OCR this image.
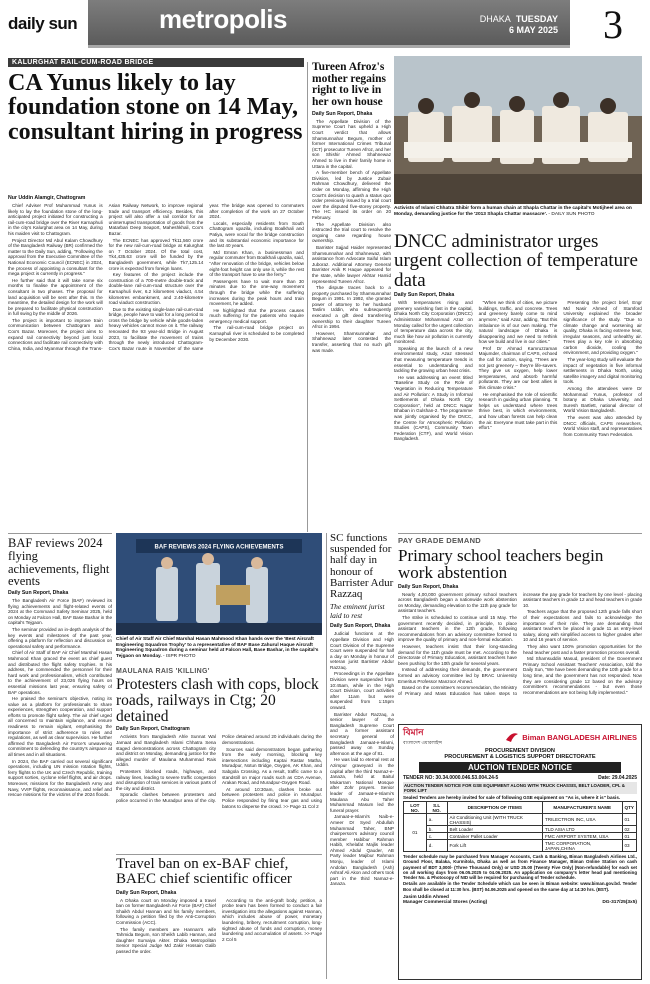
daily sun	metropolis	DHAKA TUESDAY
6 MAY 2025	3
KALURGHAT RAIL-CUM-ROAD BRIDGE
CA Yunus likely to lay foundation stone on 14 May, consultant hiring in progress
Nur Uddin Alamgir, Chattogram

Chief Adviser Prof Muhammad Yunus is likely to lay the foundation stone of the long-anticipated project initiated for constructing a rail-cum-road bridge over the River Karnaphuli in the city's Kalurghat area on 14 May, during his maiden visit to Chattogram.

Project Director Md Abul Kalam Chowdhury of the Bangladesh Railway (BR) confirmed the matter to the Daily Sun, adding, "Following the approval from the Executive Committee of the National Economic Council (ECNEC) in 2024, the process of appointing a consultant for the mega project is currently in progress."

He further said that it will take some six months to finalise the appointment of the consultant in two phases. The proposal for land acquisition will be sent after this. In the meantime, the detailed design for the work will be prepared to facilitate physical construction in full swing by the middle of 2026.

The project is important to improve train communication between Chattogram and Cox's Bazar. Moreover, the project aims to expand rail connectivity beyond just local connections and facilitate rail connectivity with China, India, and Myanmar through the Trans-Asian Railway Network, to improve regional trade and transport efficiency. Besides, this project will also offer a rail corridor for an uninterrupted transportation of goods from the Matarbari Deep Seaport, Maheshkhali, Cox's Bazar.

The ECNEC has approved Tk11,560 crore for the new rail-cum-road bridge at Kalurghat on 7 October 2024. Of the total cost, Tk4,435.63 crore will be funded by the Bangladesh government, while Tk7,125.14 crore is expected from foreign loans.

Key features of the project include the construction of a 700-metre double-track and double-lane rail-cum-road structure over the Karnaphuli river, 6.2 kilometres viaduct, 4.54 kilometres embankment, and 2.40-kilometre road viaduct construction.

Due to the existing single-lane rail-cum-road bridge, people have to wait for a long period to cross the bridge by vehicle while goods-laden heavy vehicles cannot move on it. The railway renovated the 93 year-old Bridge in August 2023, to facilitate the movement of trains through the newly introduced Chattogram-Cox's Bazar route in November of the same year. The bridge was opened to commuters after completion of the work on 27 October 2024.

Locals, especially residents from South Chattogram upazila, including Boalkhali and Patiya, were vocal for the bridge construction and its substantial economic importance for the last 40 years.

Md Emran Khan, a businessman and regular commuter from Boalkhali upazila, said, "After renovation of the bridge, vehicles below eight-foot height can only use it, while the rest of the transport have to use the ferry."

Passengers have to wait more than 30 minutes due to the one-way movement through the bridge while the suffering increases during the peak hours and train movement, he added.

He highlighted that the process causes much suffering for the patients who require emergency medical support.

The rail-cum-road bridge project on Karnaphuli river is scheduled to be completed by December 2030.

Tureen Afroz's mother regains right to live in her own house
Daily Sun Report, Dhaka

The Appellate Division of the Supreme Court has upheld a High Court verdict that allows Shamsunnahar Begum, mother of former International Crimes Tribunal (ICT) prosecutor Tureen Afroz, and her son Shishir Ahmed Shahnewaz Ahmed to live in their family home in Uttara in the capital.

A five-member bench of Appellate Division, led by Justice Zubair Rahman Chowdhury, delivered the order on Monday, affirming the High Court's decision to quash a status quo order previously issued by a trial court over the disputed five-storey property. The HC issued its order on 20 February.

The Appellate Division also instructed the trial court to resolve the ongoing case regarding house ownership.

Barrister Sajjad Haider represented Shamsunnahar and Shahnewaz, with assistance from Advocate Saiful Islam Juboraz. Additional Attorney General Barrister Anik R Haque appeared for the state, while lawyer Akhtar Hamid represented Tureen Afroz.

The dispute traces back to a property purchased by Shamsunnahar Begum in 1991. In 1992, she granted power of attorney to her husband Taslim Uddin, who subsequently executed a gift deed transferring ownership to their daughter Tureen Afroz in 1994.

However, Shamsunnahar and Shahnewaz later contested the transfer, asserting that no such gift was made.

Activists of Islami Chhatra Shibir form a human chain at Shapla Chattar in the capital's Motijheel area on Monday, demanding justice for the '2013 Shapla Chattar massacre'. - DAILY SUN PHOTO
DNCC administrator urges urgent collection of temperature data
Daily Sun Report, Dhaka

With temperatures rising and greenery vanishing fast in the capital, Dhaka North City Corporation (DNCC) Administrator Mohammad Azaz on Monday called for the urgent collection of temperature data across the city, much like how air pollution is currently monitored.

Speaking at the launch of a new environmental study, Azaz stressed that measuring temperature trends is essential to understanding and tackling the growing urban heat crisis.

He was addressing an event titled "Baseline Study on the Role of Vegetation in Reducing Temperature and Air Pollution: A Study in Informal Settlements of Dhaka North City Corporation", held at DNCC Nagar Bhaban in Gulshan-2. The programme was jointly organised by the DNCC, the Centre for Atmospheric Pollution Studies (CAPS), Community Town Federation (CTF), and World Vision Bangladesh.

"When we think of cities, we picture buildings, traffic, and concrete. Trees and greenery barely come to mind anymore," said Azaz, adding, "But this imbalance is of our own making. The natural landscape of Dhaka is disappearing and we need to rethink how we build and live in our cities."

Prof Dr Ahmad Kamruzzaman Majumder, chairman of CAPS, echoed the call for action, saying, "Trees are not just greenery – they're life-savers. They give us oxygen, help lower temperatures, and absorb harmful pollutants. They are our best allies in this climate crisis."

He emphasised the role of scientific research in guiding urban planning. "It helps us understand where trees thrive best, in which environments, and how urban forests can help clean the air. Everyone must take part in this effort."

Presenting the project brief, Engr Md Nasir Ahmed of Stamford University explained the broader significance of the study. "Due to climate change and worsening air quality, Dhaka is facing extreme heat, irregular seasons, and unhealthy air. Trees play a key role in absorbing carbon dioxide, cooling the environment, and providing oxygen."

The year-long study will evaluate the impact of vegetation in five informal settlements in Dhaka North, using satellite imagery and digital monitoring tools.

Among the attendees were Dr Mohammad Yunus, professor of botany at Dhaka University, and Suresh Bartlett, national director of World Vision Bangladesh.

The event was also attended by DNCC officials, CAPS researchers, World Vision staff, and representatives from Community Town Federation.

BAF reviews 2024 flying achievements, flight events
Daily Sun Report, Dhaka

The Bangladesh Air Force (BAF) reviewed its flying achievements and flight-related events of 2024 at the Command Safety Seminar 2025, held on Monday at Falcon Hall, BAF Base Bashar in the capital's Tejgaon.

The seminar provided an in-depth analysis of the key events and milestones of the past year, offering a platform for reflection and discussion on operational safety and performance.

Chief of Air Staff of BAF Air Chief Marshal Hasan Mahmood Khan graced the event as chief guest and distributed the flight safety trophies. In his address, he commended the personnel for their hard work and professionalism, which contributed to the achievement of 23,026 flying hours on essential missions last year, ensuring safety of BAF operations.

He praised the seminar's objective, noting its value as a platform for professionals to share experiences, strengthen cooperation, and support efforts to promote flight safety. The air chief urged all concerned to maintain vigilance, and ensure readiness to remain vigilant, emphasising the importance of strict adherence to rules and regulations, as well as clear supervision. He further affirmed the Bangladesh Air Force's unwavering commitment to defending the country's airspace at all times and in all situations.

In 2024, the BAF carried out several significant operations, including UN mission rotation flights, ferry flights to the UK and Czech Republic, training support sorties, cyclone relief flights, and air drops. Moreover, missions for the Bangladesh Army and Navy, VVIP flights, reconnaissance, and relief and rescue missions for the victims of the 2024 floods.

BAF REVIEWS 2024 FLYING ACHIEVEMENTS
Chief of Air Staff Air Chief Marshal Hasan Mahmood Khan hands over the 'Best Aircraft Engineering Squadron Trophy' to a representative of BAF Base Zahurul Haque Aircraft Engineering Squadron during a seminar held at Falcon Hall, Base Bashar, in the capital's Tejgaon on Monday. - ISPR PHOTO
MAULANA RAIS 'KILLING'
Protesters clash with cops, block roads, railways in Ctg; 20 detained
Daily Sun Report, Chattogram

Activists from Bangladesh Ahle Sunnat Wal Jamaat and Bangladesh Islami Chhatra Sena staged demonstrations across Chattogram city and district on Monday, demanding justice for the alleged murder of Maulana Muhammad Rais Uddin.

Protesters blocked roads, highways, and railway lines, leading to severe traffic congestion and disruption of train services in various parts of the city and district.

Sporadic clashes between protesters and police occurred in the Muradpur area of the city. Police detained around 20 individuals during the demonstrations.

Sources said demonstrators began gathering from the early morning, blocking key intersections including Kaptai Rastar Matha, Muradpur, Notun Bridge, Oxygen, AK Khan, and Sabgola Crossing. As a result, traffic came to a standstill on major roads such as CDA Avenue, Arakan Road, and Muradpur-Oxygen Road.

At around 10:30am, clashes broke out between protesters and police in Muradpur. Police responded by firing tear gas and using batons to disperse the crowd. >> Page 11 Col 2

Travel ban on ex-BAF chief, BAEC chief scientific officer
Daily Sun Report, Dhaka

A Dhaka court on Monday imposed a travel ban on former Bangladesh Air Force (BAF) Chief Shaikh Abdul Hannan and his family members, following a petition filed by the Anti-Corruption Commission (ACC).

The family members are Hannan's wife Tahmida Begum, son Sheikh Labib Hannan, and daughter Sumaiya Akter. Dhaka Metropolitan Senior Special Judge Md Zakir Hossain Galib passed the order.

According to the anti-graft body, petition, a probe team has been formed to conduct a fair investigation into the allegations against Hannan, which includes abuse of power, monetary laundering, bribery, recruitment corruption, long-sighted abuse of funds and corruption, money laundering and accumulation of assets. >> Page 2 Col 5

SC functions suspended for half day in honour of Barrister Adur Razzaq
The eminent jurist laid to rest
Daily Sun Report, Dhaka

Judicial functions at the Appellate Division and High Court Division of the Supreme Court were suspended for half a day on Monday in honour of veteran jurist Barrister Abdur Razzaq.

Proceedings in the Appellate Division were suspended from 10:45am, while in the High Court Division, court activities after 11am but were suspended from 1:15pm onward.

Barrister Abdur Razzaq, a senior lawyer of the Bangladesh Supreme Court and a former assistant secretary general of Bangladesh Jamaat-e-Islami, passed away on Sunday afternoon at the age of 81.

He was laid to eternal rest at Azimpur graveyard in the capital after the third Namaz-e-Janaza, held at Baitul Mukarram National Mosque after Zohr prayers. Senior leader of Jamaat-e-Islami's Maulana Abu Taher Muhammad Masum led the funeral prayer.

Jamaat-e-Islami's Naib-e-Ameer Dr Syed Abdullah Muhammad Taher, BNP chairperson's advisory council member Habibur Rahman Habib, Khelafat Majlis leader Ahmed Abdul Qauder, AB Party leader Majibur Rahman Monju, leader of Islami Andolan Bangladesh (Ash) Ashraf Ali Akon and others took part in the third Namaz-e-Janaza.

PAY GRADE DEMAND
Primary school teachers begin work abstention
Daily Sun Report, Dhaka

Nearly 4,00,000 government primary school teachers across Bangladesh began a nationwide work abstention on Monday, demanding elevation to the 11th pay grade for assistant teachers.

The strike is scheduled to continue until 15 May. The government recently decided, in principle, to place assistant teachers in the 12th grade, following recommendations from an advisory committee formed to improve the quality of primary and non-formal education.

However, teachers insist that their long-standing demand for the 11th grade must be met. According to the Directorate of Primary Education, assistant teachers have been pushing for the 10th grade for several years.

Instead of addressing their demands, the government formed an advisory committee led by BRAC University Emeritus Professor Manzoor Ahmed.

Based on the committee's recommendation, the Ministry of Primary and Mass Education has taken steps to increase the pay grade for teachers by one level - placing assistant teachers in grade 12 and head teachers in grade 10.

Teachers argue that the proposed 12th grade falls short of their expectations and fails to acknowledge the importance of their role. They are demanding that assistant teachers be placed in grade 11 as entry-level salary, along with simplified access to higher grades after 10 and 16 years of service.

They also want 100% promotion opportunities for the head teacher post and a faster promotion process overall.

Md Shamsuddin Masud, president of the Government Primary School Assistant Teachers' Association, told the Daily Sun, "We have been demanding the 10th grade for a long time, and the government has not responded. Now they are considering grade 12 based on the advisory committee's recommendations - but even those recommendations are not being fully implemented."

বিমান
বাংলাদেশ এয়ারলাইন্স
Biman BANGLADESH AIRLINES
PROCUREMENT DIVISION
PROCUREMENT & LOGISTICS SUPPORT DIRECTORATE
AUCTION TENDER NOTICE
TENDER NO: 30.34.0000.046.53.004.24-5	Date: 29.04.2025
AUCTION TENDER NOTICE FOR GSE EQUIPMENT ALONG WITH TRUCK CHASSIS, BELT LOADER, CPL & FORK LIFT
Sealed Tenders are hereby invited for sale of following GSE equipment on "As is, where it is" basis.
LOT NO.	S.L NO.	DESCRIPTION OF ITEMS	MANUFACTURER'S NAME	QTY
01	a.	Air Conditioning Unit (WITH TRUCK CHASSIS)	TRILECTRON INC, USA	01
	b.	Belt Loader	TLD ASIA LTD	02
	c.	Container Pallet Loader	FMC AIRPORT SYSTEM, USA	01
	d.	Fork Lift	TMC CORPORATION, JAPAN,CHINA	03
Tender schedule may be purchased from Manager Accounts, Cash & Banking, Biman Bangladesh Airlines Ltd., Ground Floor, Balaka, Kurmitola, Dhaka as well as from Finance Manager, Biman Online Station on cash payment of BDT 3,000/- (Three Thousand Only) or USD 25.00 (Twenty Five Only) (Non-refundable) for each set on all working days from 06.05.2025 to 04.06.2025. An application on company's letter head pad mentioning Tender No. & Photocopy of NID will be required for purchasing of Tender schedule.
Details are available in the Tender Schedule which can be seen in Biman website: www.biman.gov.bd. Tender Box shall be closed at 11:30 hrs. (BST) 04.06.2025 and opened on the same day at 14:30 hrs. (BST).
Jasim Uddin Ahmed
Manager Commercial Stores (Acting)	DG-317/25(3x5)
